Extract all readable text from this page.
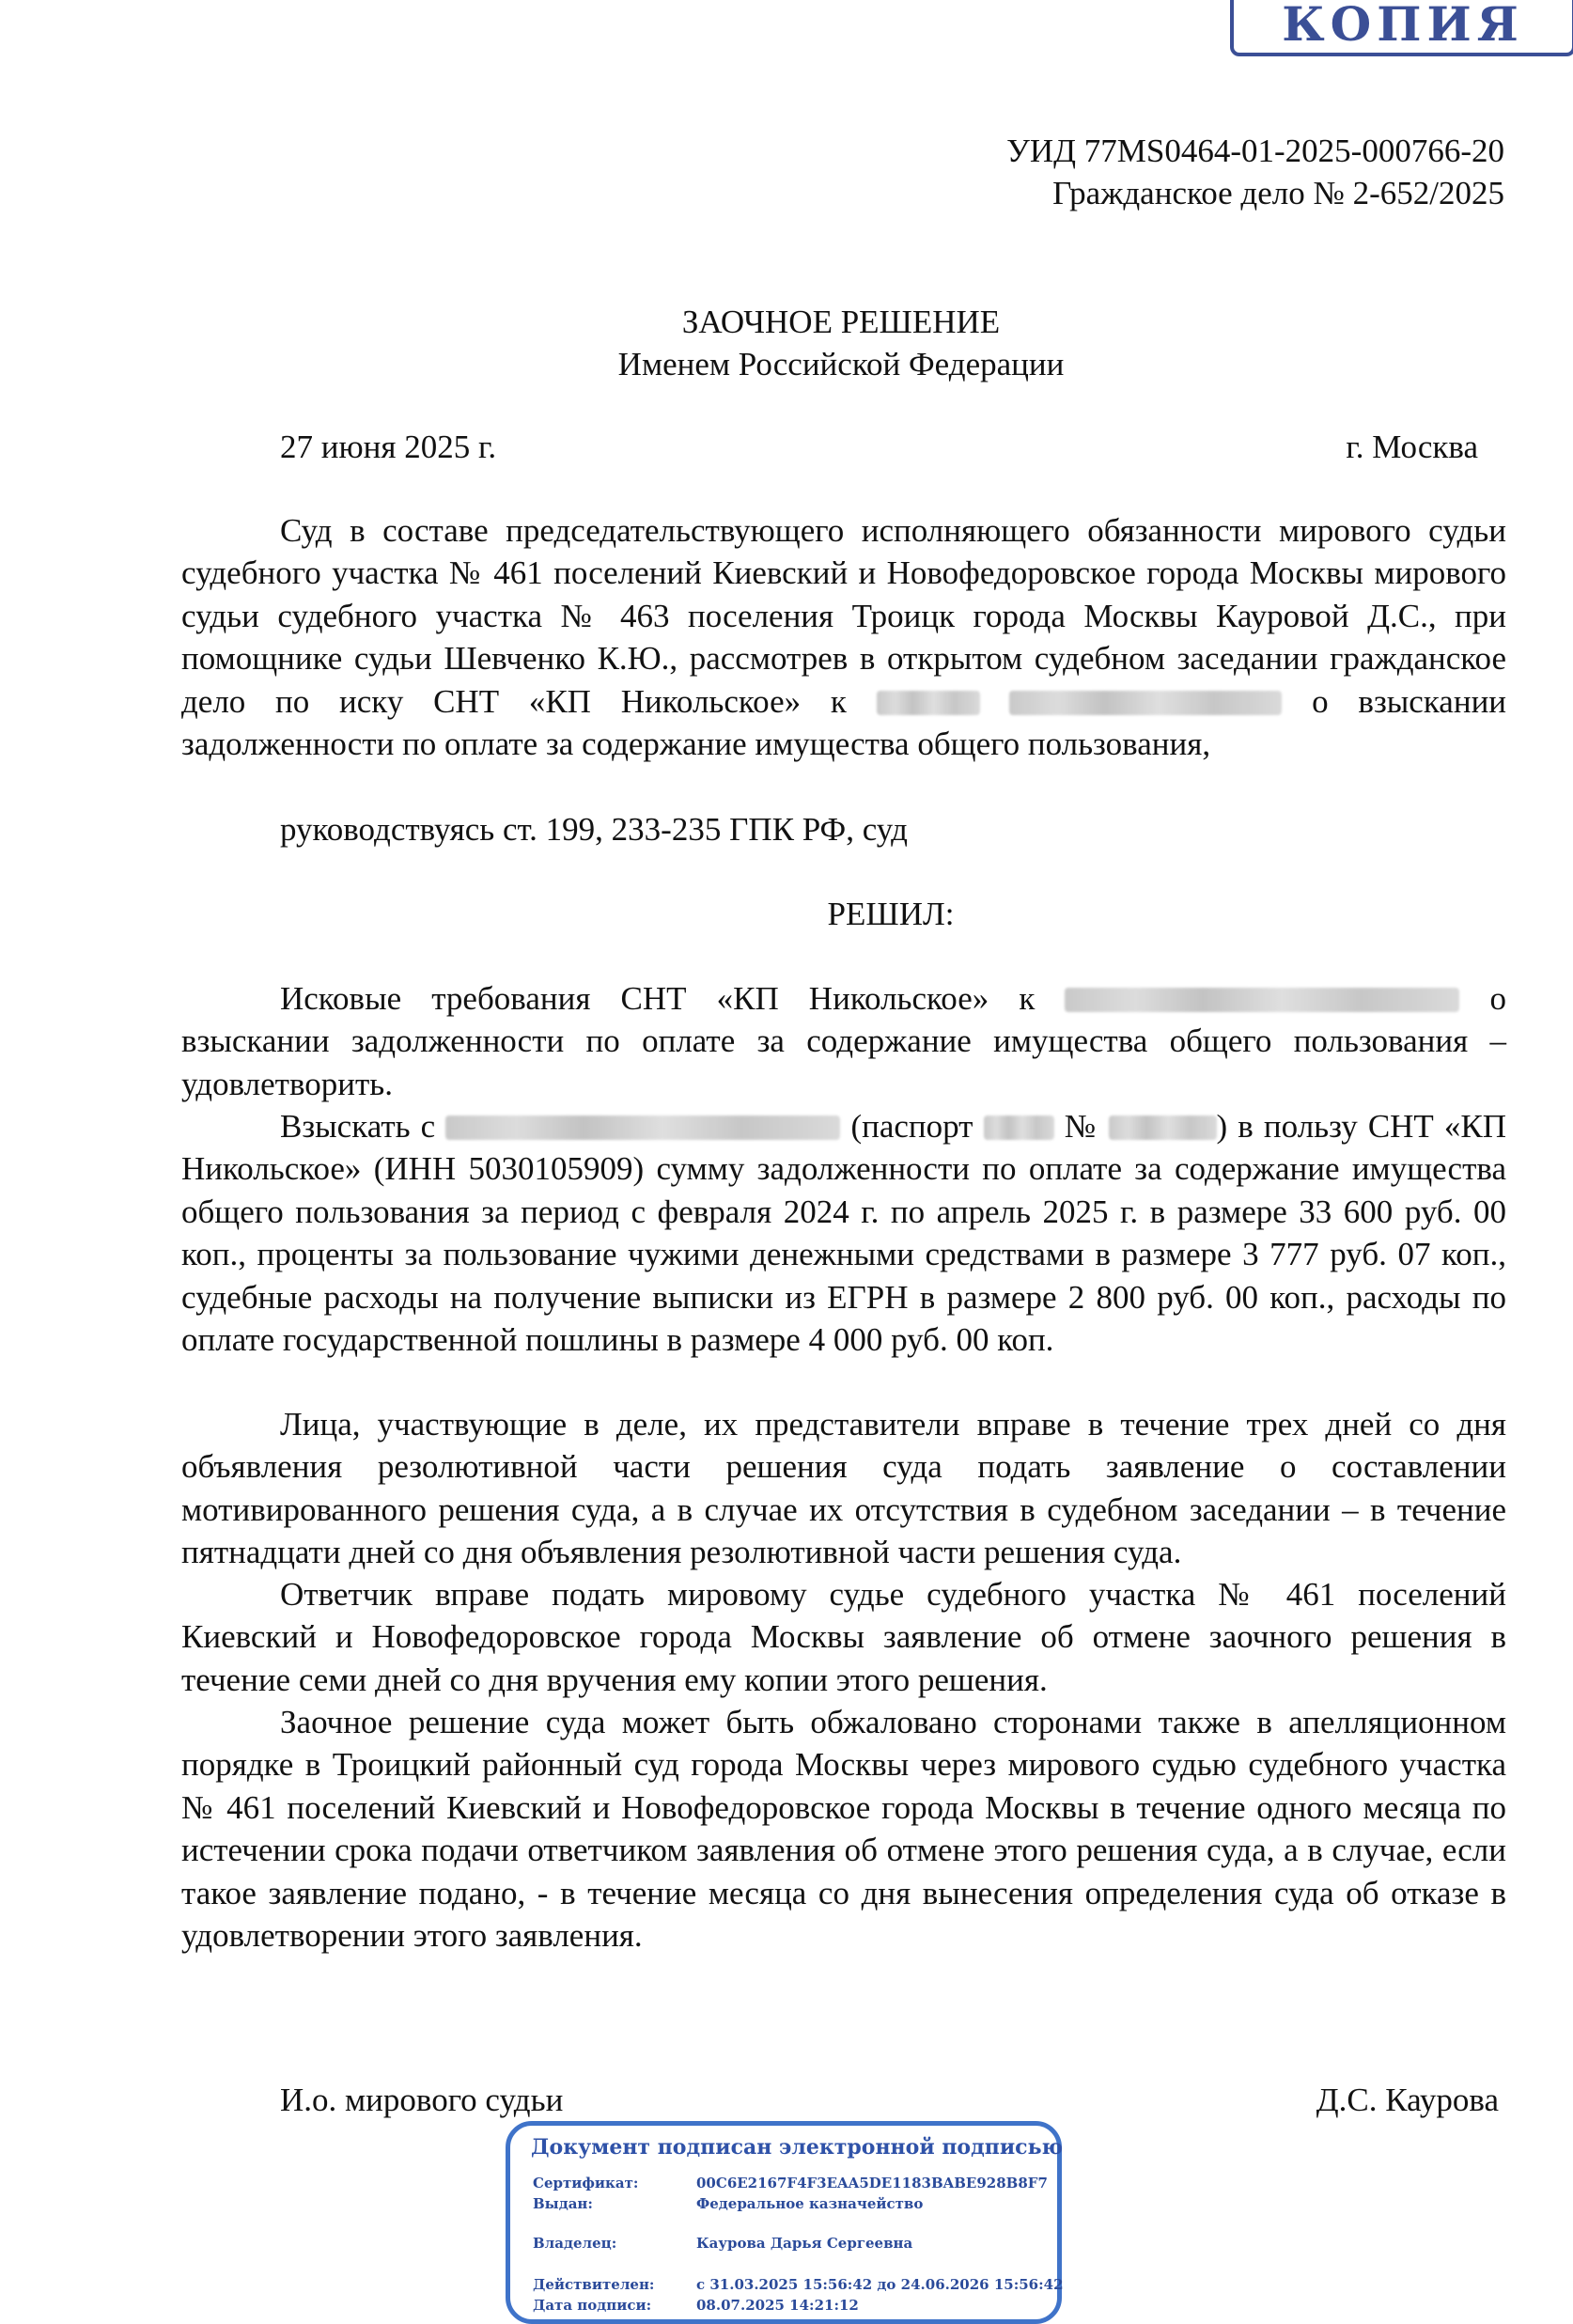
КОПИЯ
УИД 77MS0464-01-2025-000766-20
Гражданское дело № 2-652/2025
ЗАОЧНОЕ РЕШЕНИЕ
Именем Российской Федерации
27 июня 2025 г.	г. Москва

Суд в составе председательствующего исполняющего обязанности мирового судьи судебного участка № 461 поселений Киевский и Новофедоровское города Москвы мирового судьи судебного участка № 463 поселения Троицк города Москвы Кауровой Д.С., при помощнике судьи Шевченко К.Ю., рассмотрев в открытом судебном заседании гражданское дело по иску СНТ «КП Никольское» к	о взыскании задолженности по оплате за содержание имущества общего пользования,

руководствуясь ст. 199, 233-235 ГПК РФ, суд
РЕШИЛ:

Исковые требования СНТ «КП Никольское» к	о взыскании задолженности по оплате за содержание имущества общего пользования – удовлетворить.

Взыскать с	(паспорт	№	) в пользу СНТ «КП Никольское» (ИНН 5030105909) сумму задолженности по оплате за содержание имущества общего пользования за период с февраля 2024 г. по апрель 2025 г. в размере 33 600 руб. 00 коп., проценты за пользование чужими денежными средствами в размере 3 777 руб. 07 коп., судебные расходы на получение выписки из ЕГРН в размере 2 800 руб. 00 коп., расходы по оплате государственной пошлины в размере 4 000 руб. 00 коп.

Лица, участвующие в деле, их представители вправе в течение трех дней со дня объявления резолютивной части решения суда подать заявление о составлении мотивированного решения суда, а в случае их отсутствия в судебном заседании – в течение пятнадцати дней со дня объявления резолютивной части решения суда.

Ответчик вправе подать мировому судье судебного участка № 461 поселений Киевский и Новофедоровское города Москвы заявление об отмене заочного решения в течение семи дней со дня вручения ему копии этого решения.

Заочное решение суда может быть обжаловано сторонами также в апелляционном порядке в Троицкий районный суд города Москвы через мирового судью судебного участка № 461 поселений Киевский и Новофедоровское города Москвы в течение одного месяца по истечении срока подачи ответчиком заявления об отмене этого решения суда, а в случае, если такое заявление подано, - в течение месяца со дня вынесения определения суда об отказе в удовлетворении этого заявления.

И.о. мирового судьи	Д.С. Каурова
Документ подписан электронной подписью
Сертификат:	00C6E2167F4F3EAA5DE1183BABE928B8F7
Выдан:	Федеральное казначейство
Владелец:	Каурова Дарья Сергеевна
Действителен:	с 31.03.2025 15:56:42 до 24.06.2026 15:56:42
Дата подписи:	08.07.2025 14:21:12
